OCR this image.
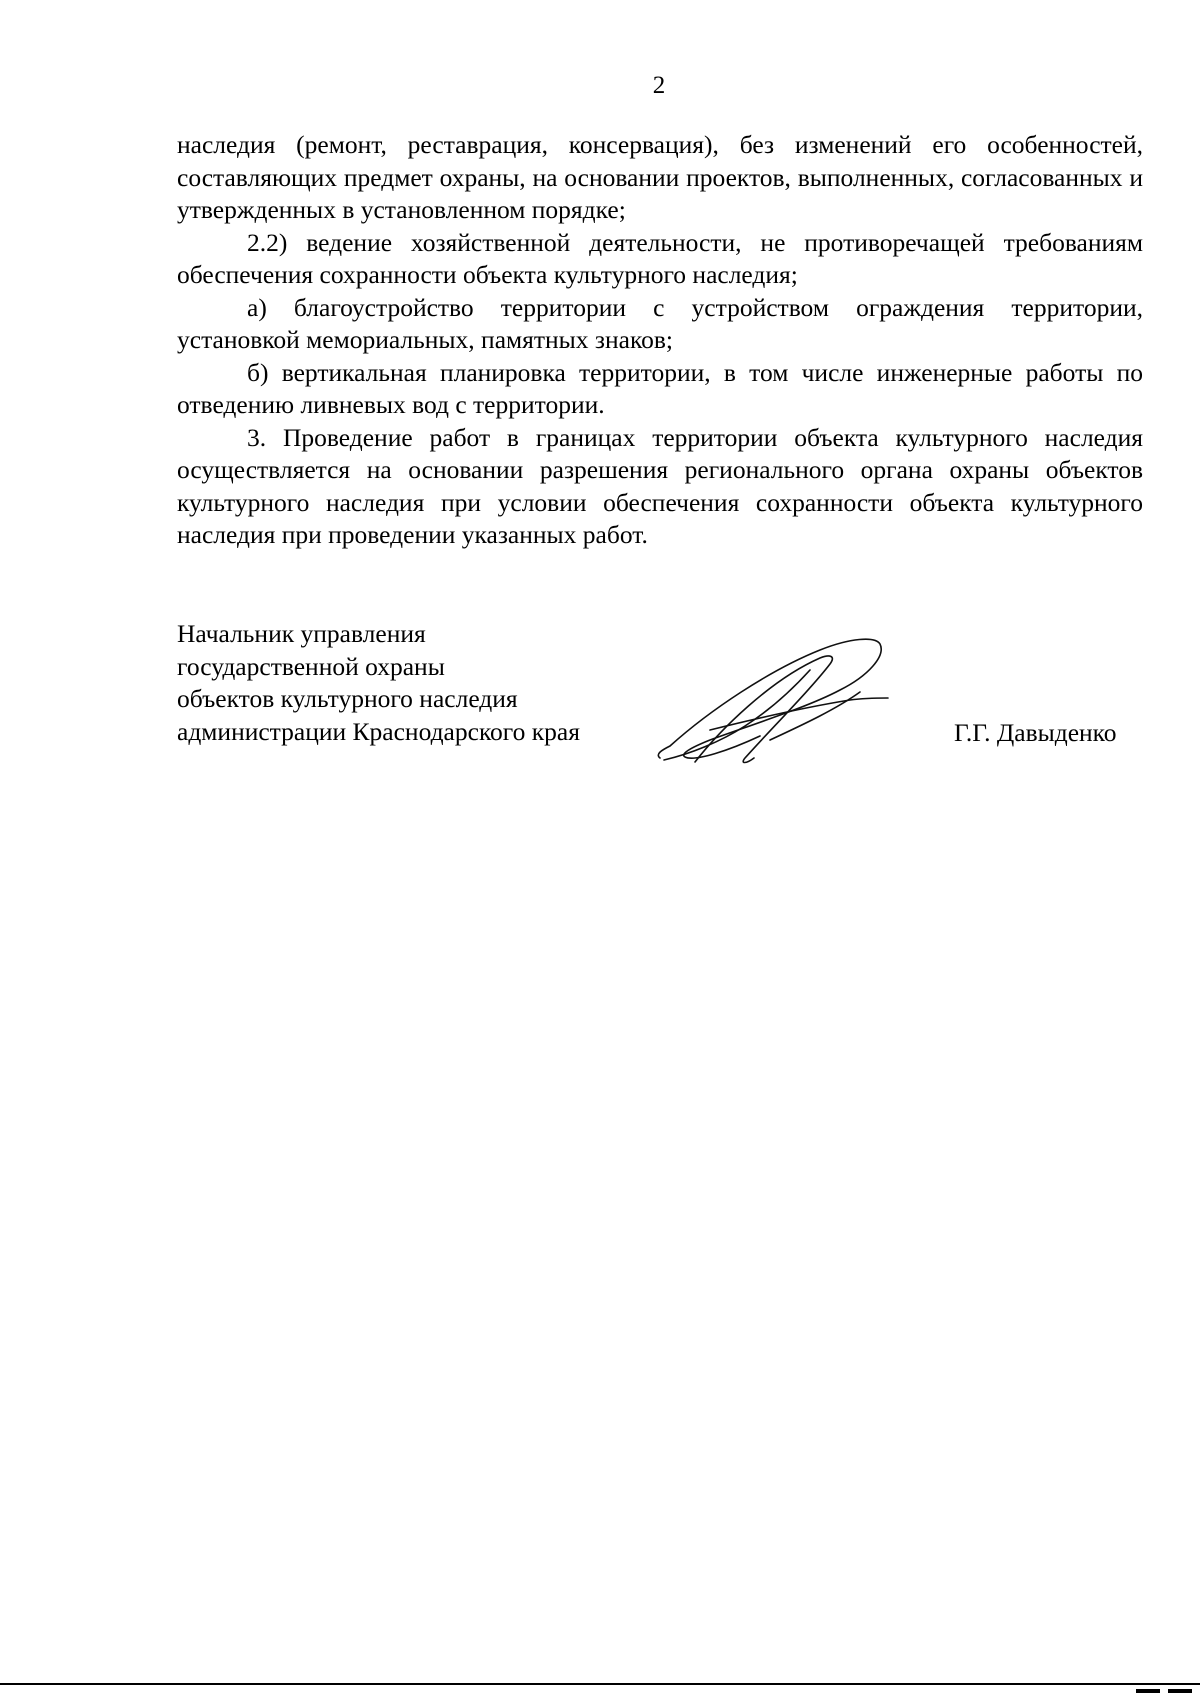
2

наследия (ремонт, реставрация, консервация), без изменений его особенностей, составляющих предмет охраны, на основании проектов, выполненных, согласованных и утвержденных в установленном порядке;

2.2) ведение хозяйственной деятельности, не противоречащей требованиям обеспечения сохранности объекта культурного наследия;

а) благоустройство территории с устройством ограждения территории, установкой мемориальных, памятных знаков;

б) вертикальная планировка территории, в том числе инженерные работы по отведению ливневых вод с территории.

3. Проведение работ в границах территории объекта культурного наследия осуществляется на основании разрешения регионального органа охраны объектов культурного наследия при условии обеспечения сохранности объекта культурного наследия при проведении указанных работ.

Начальник управления
государственной охраны
объектов культурного наследия
администрации Краснодарского края	Г.Г. Давыденко
